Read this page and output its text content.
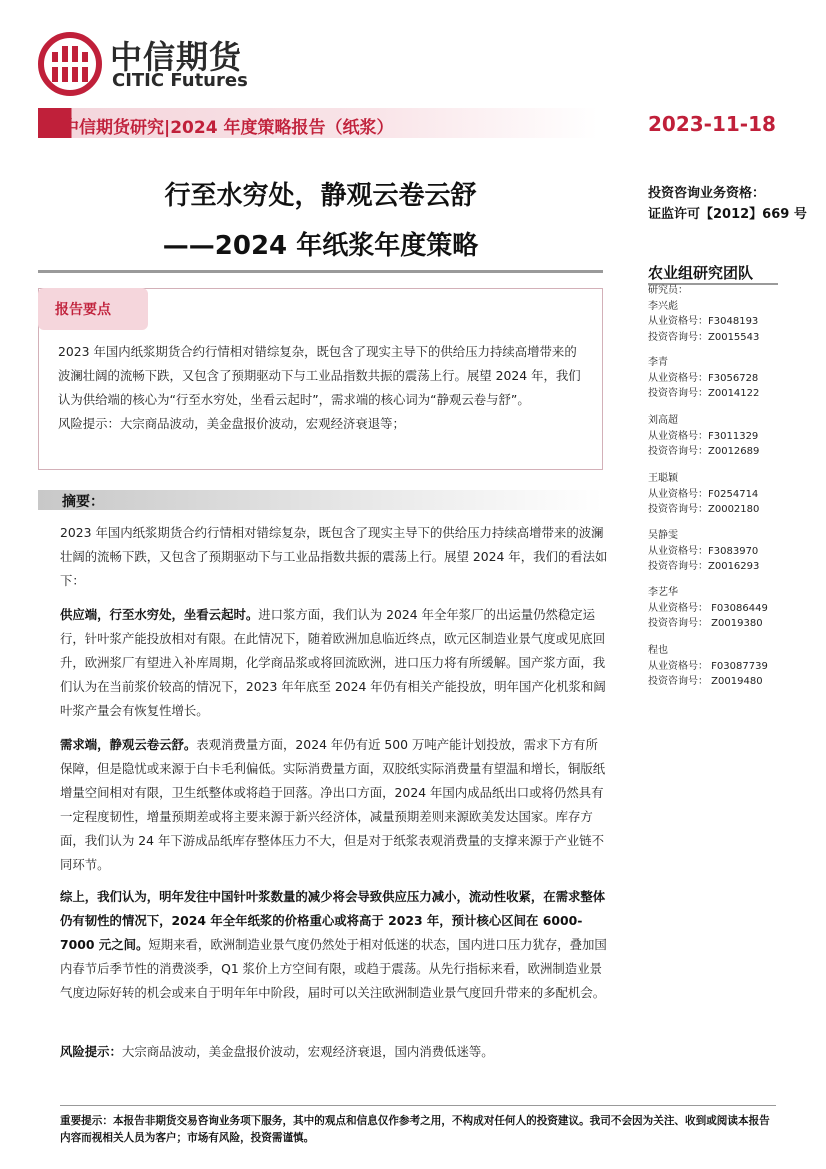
中信期货
CITIC Futures
中信期货研究|2024 年度策略报告（纸浆）	2023-11-18
行至水穷处，静观云卷云舒
——2024 年纸浆年度策略
投资咨询业务资格：
证监许可【2012】669 号
农业组研究团队
研究员：
李兴彪
从业资格号：F3048193
投资咨询号：Z0015543
李青
从业资格号：F3056728
投资咨询号：Z0014122
刘高超
从业资格号：F3011329
投资咨询号：Z0012689
王聪颖
从业资格号：F0254714
投资咨询号：Z0002180
吴静雯
从业资格号：F3083970
投资咨询号：Z0016293
李艺华
从业资格号： F03086449
投资咨询号： Z0019380
程也
从业资格号： F03087739
投资咨询号： Z0019480
报告要点

2023 年国内纸浆期货合约行情相对错综复杂，既包含了现实主导下的供给压力持续高增带来的波澜壮阔的流畅下跌，又包含了预期驱动下与工业品指数共振的震荡上行。展望 2024 年，我们认为供给端的核心为“行至水穷处，坐看云起时”，需求端的核心词为“静观云卷与舒”。

风险提示：大宗商品波动，美金盘报价波动，宏观经济衰退等；

摘要：

2023 年国内纸浆期货合约行情相对错综复杂，既包含了现实主导下的供给压力持续高增带来的波澜壮阔的流畅下跌，又包含了预期驱动下与工业品指数共振的震荡上行。展望 2024 年，我们的看法如下：

供应端，行至水穷处，坐看云起时。进口浆方面，我们认为 2024 年全年浆厂的出运量仍然稳定运行，针叶浆产能投放相对有限。在此情况下，随着欧洲加息临近终点，欧元区制造业景气度或见底回升，欧洲浆厂有望进入补库周期，化学商品浆或将回流欧洲，进口压力将有所缓解。国产浆方面，我们认为在当前浆价较高的情况下，2023 年年底至 2024 年仍有相关产能投放，明年国产化机浆和阔叶浆产量会有恢复性增长。

需求端，静观云卷云舒。表观消费量方面，2024 年仍有近 500 万吨产能计划投放，需求下方有所保障，但是隐忧或来源于白卡毛利偏低。实际消费量方面，双胶纸实际消费量有望温和增长，铜版纸增量空间相对有限，卫生纸整体或将趋于回落。净出口方面，2024 年国内成品纸出口或将仍然具有一定程度韧性，增量预期差或将主要来源于新兴经济体，减量预期差则来源欧美发达国家。库存方面，我们认为 24 年下游成品纸库存整体压力不大，但是对于纸浆表观消费量的支撑来源于产业链不同环节。

综上，我们认为，明年发往中国针叶浆数量的减少将会导致供应压力减小，流动性收紧，在需求整体仍有韧性的情况下，2024 年全年纸浆的价格重心或将高于 2023 年，预计核心区间在 6000-7000 元之间。短期来看，欧洲制造业景气度仍然处于相对低迷的状态，国内进口压力犹存，叠加国内春节后季节性的消费淡季，Q1 浆价上方空间有限，或趋于震荡。从先行指标来看，欧洲制造业景气度边际好转的机会或来自于明年年中阶段，届时可以关注欧洲制造业景气度回升带来的多配机会。

风险提示：大宗商品波动，美金盘报价波动，宏观经济衰退，国内消费低迷等。

重要提示：本报告非期货交易咨询业务项下服务，其中的观点和信息仅作参考之用，不构成对任何人的投资建议。我司不会因为关注、收到或阅读本报告内容而视相关人员为客户；市场有风险，投资需谨慎。
